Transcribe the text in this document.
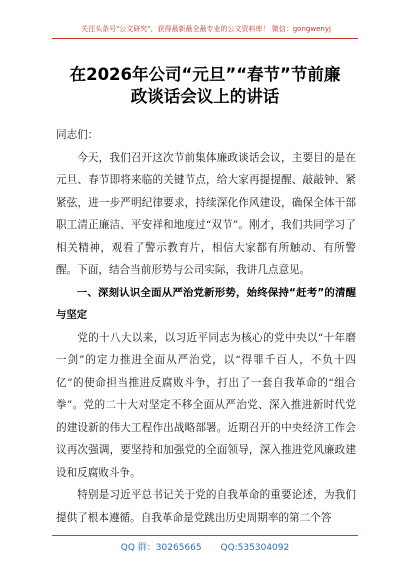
关注头条号"公文研究"，获得最新最全最专业的公文资料库！ 微信：gongwenyj
在2026年公司“元旦”“春节”节前廉
政谈话会议上的讲话

同志们：

今天，我们召开这次节前集体廉政谈话会议，主要目的是在元旦、春节即将来临的关键节点，给大家再提提醒、敲敲钟、紧紧弦，进一步严明纪律要求，持续深化作风建设，确保全体干部职工清正廉洁、平安祥和地度过“双节”。刚才，我们共同学习了相关精神，观看了警示教育片，相信大家都有所触动、有所警醒。下面，结合当前形势与公司实际，我讲几点意见。

一、深刻认识全面从严治党新形势，始终保持“赶考”的清醒与坚定

党的十八大以来，以习近平同志为核心的党中央以“十年磨一剑”的定力推进全面从严治党，以“得罪千百人，不负十四亿”的使命担当推进反腐败斗争，打出了一套自我革命的“组合拳”。党的二十大对坚定不移全面从严治党、深入推进新时代党的建设新的伟大工程作出战略部署。近期召开的中央经济工作会议再次强调，要坚持和加强党的全面领导，深入推进党风廉政建设和反腐败斗争。

特别是习近平总书记关于党的自我革命的重要论述，为我们提供了根本遵循。自我革命是党跳出历史周期率的第二个答

QQ 群：30265665 QQ:535304092
